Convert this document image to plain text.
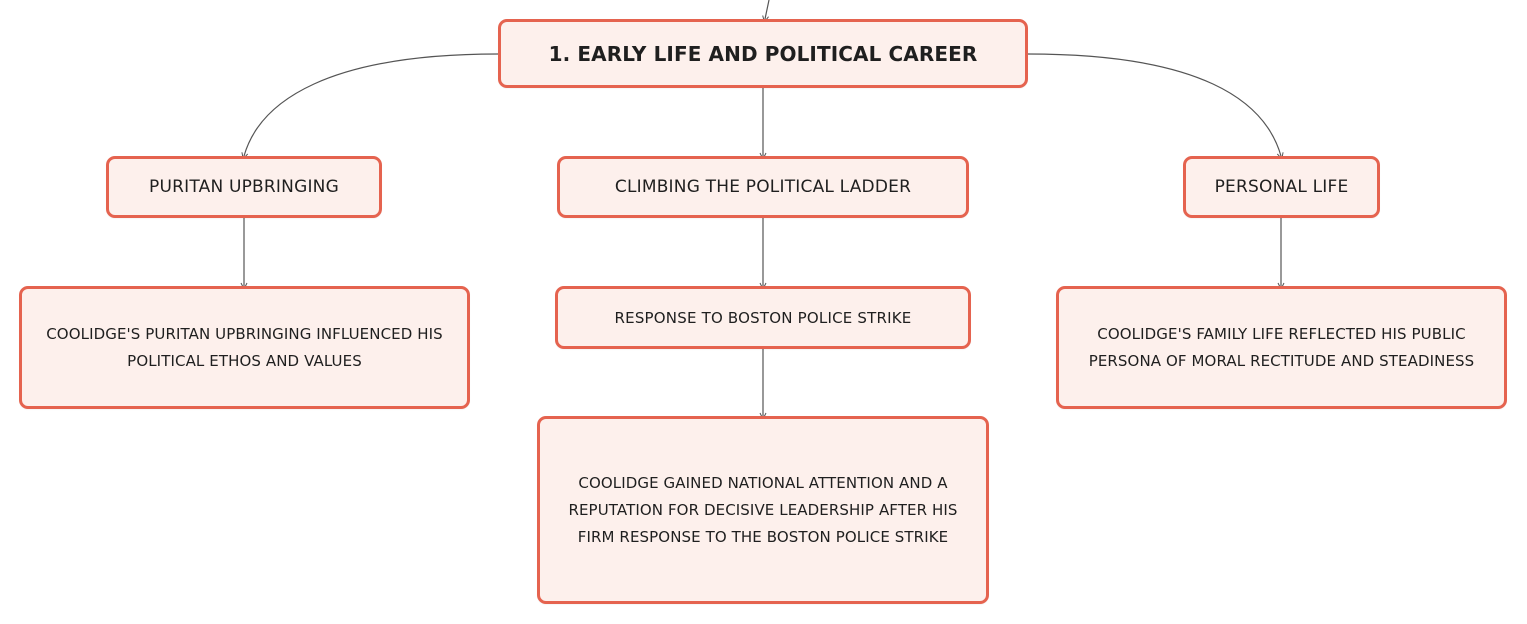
1. EARLY LIFE AND POLITICAL CAREER
PURITAN UPBRINGING	CLIMBING THE POLITICAL LADDER	PERSONAL LIFE
COOLIDGE'S PURITAN UPBRINGING INFLUENCED HIS POLITICAL ETHOS AND VALUES
RESPONSE TO BOSTON POLICE STRIKE
COOLIDGE GAINED NATIONAL ATTENTION AND A REPUTATION FOR DECISIVE LEADERSHIP AFTER HIS FIRM RESPONSE TO THE BOSTON POLICE STRIKE
COOLIDGE'S FAMILY LIFE REFLECTED HIS PUBLIC PERSONA OF MORAL RECTITUDE AND STEADINESS
